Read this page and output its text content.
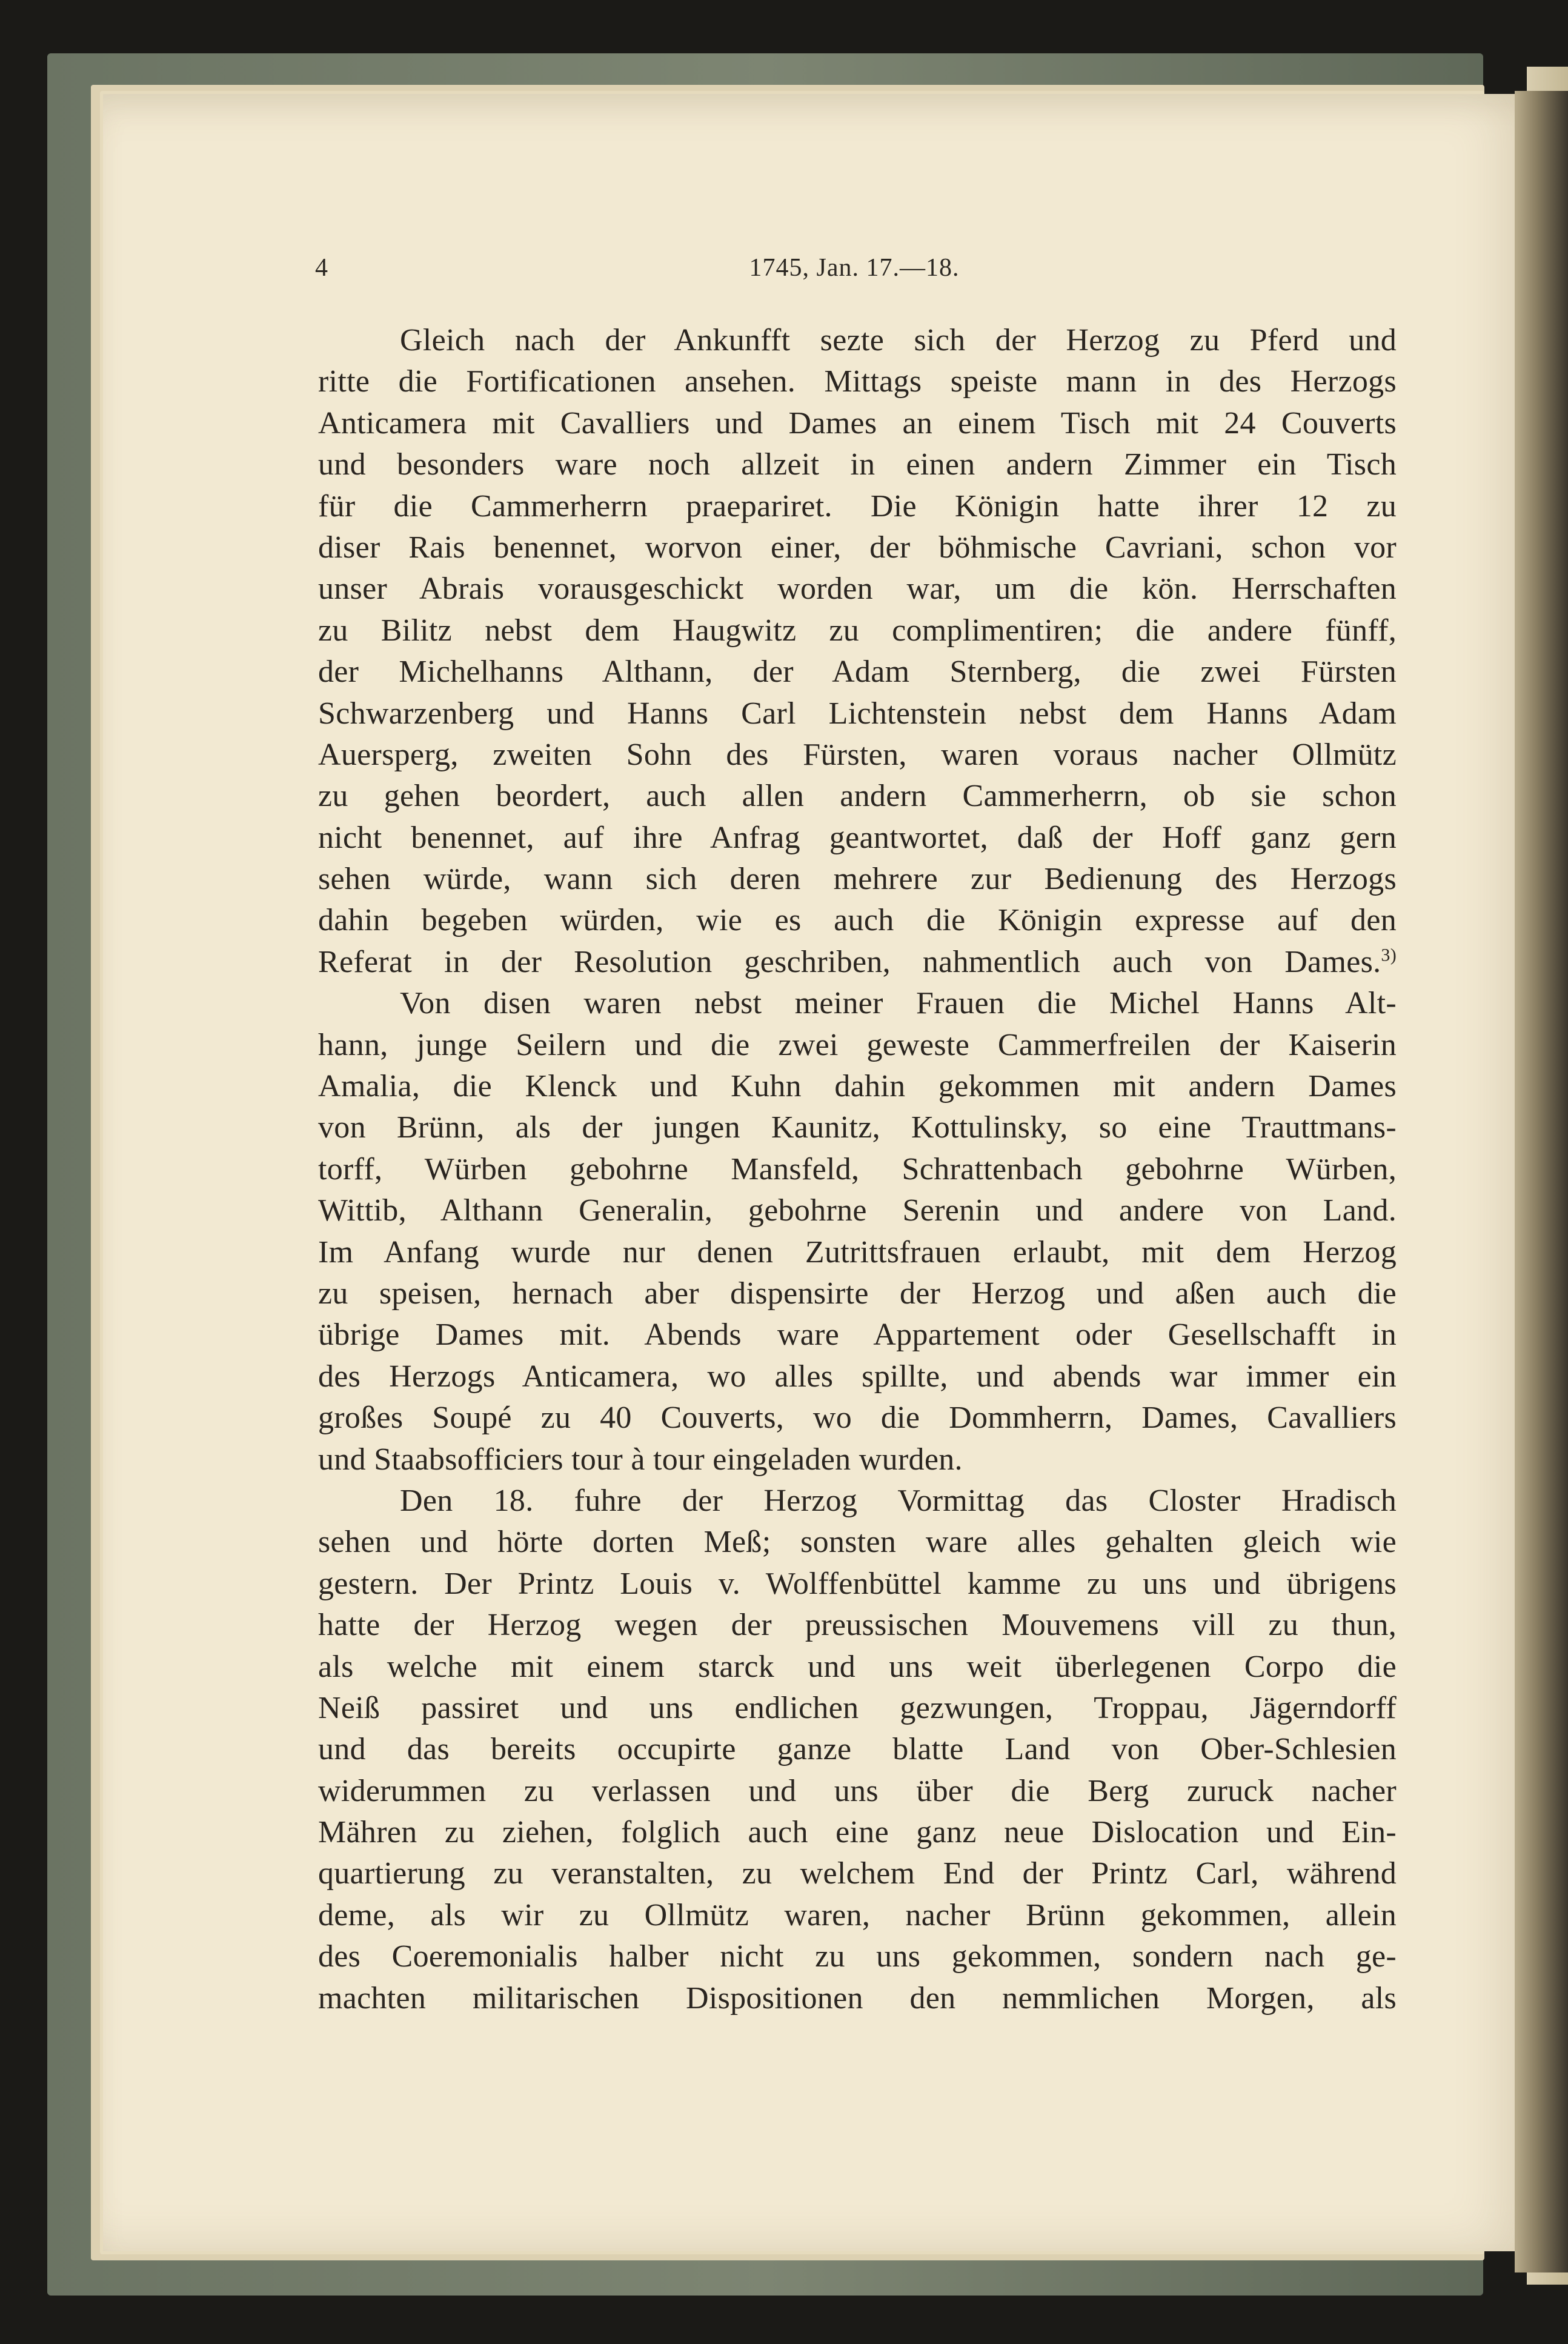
4	1745, Jan. 17.—18.
Gleich nach der Ankunfft sezte sich der Herzog zu Pferd und
ritte die Fortificationen ansehen. Mittags speiste mann in des Herzogs
Anticamera mit Cavalliers und Dames an einem Tisch mit 24 Couverts
und besonders ware noch allzeit in einen andern Zimmer ein Tisch
für die Cammerherrn praepariret. Die Königin hatte ihrer 12 zu
diser Rais benennet, worvon einer, der böhmische Cavriani, schon vor
unser Abrais vorausgeschickt worden war, um die kön. Herrschaften
zu Bilitz nebst dem Haugwitz zu complimentiren; die andere fünff,
der Michelhanns Althann, der Adam Sternberg, die zwei Fürsten
Schwarzenberg und Hanns Carl Lichtenstein nebst dem Hanns Adam
Auersperg, zweiten Sohn des Fürsten, waren voraus nacher Ollmütz
zu gehen beordert, auch allen andern Cammerherrn, ob sie schon
nicht benennet, auf ihre Anfrag geantwortet, daß der Hoff ganz gern
sehen würde, wann sich deren mehrere zur Bedienung des Herzogs
dahin begeben würden, wie es auch die Königin expresse auf den
Referat in der Resolution geschriben, nahmentlich auch von Dames.$^{3)}$
Von disen waren nebst meiner Frauen die Michel Hanns Alt-
hann, junge Seilern und die zwei geweste Cammerfreilen der Kaiserin
Amalia, die Klenck und Kuhn dahin gekommen mit andern Dames
von Brünn, als der jungen Kaunitz, Kottulinsky, so eine Trauttmans-
torff, Würben gebohrne Mansfeld, Schrattenbach gebohrne Würben,
Wittib, Althann Generalin, gebohrne Serenin und andere von Land.
Im Anfang wurde nur denen Zutrittsfrauen erlaubt, mit dem Herzog
zu speisen, hernach aber dispensirte der Herzog und aßen auch die
übrige Dames mit. Abends ware Appartement oder Gesellschafft in
des Herzogs Anticamera, wo alles spillte, und abends war immer ein
großes Soupé zu 40 Couverts, wo die Dommherrn, Dames, Cavalliers
und Staabsofficiers tour à tour eingeladen wurden.
Den 18. fuhre der Herzog Vormittag das Closter Hradisch
sehen und hörte dorten Meß; sonsten ware alles gehalten gleich wie
gestern. Der Printz Louis v. Wolffenbüttel kamme zu uns und übrigens
hatte der Herzog wegen der preussischen Mouvemens vill zu thun,
als welche mit einem starck und uns weit überlegenen Corpo die
Neiß passiret und uns endlichen gezwungen, Troppau, Jägerndorff
und das bereits occupirte ganze blatte Land von Ober-Schlesien
widerummen zu verlassen und uns über die Berg zuruck nacher
Mähren zu ziehen, folglich auch eine ganz neue Dislocation und Ein-
quartierung zu veranstalten, zu welchem End der Printz Carl, während
deme, als wir zu Ollmütz waren, nacher Brünn gekommen, allein
des Coeremonialis halber nicht zu uns gekommen, sondern nach ge-
machten militarischen Dispositionen den nemmlichen Morgen, als
